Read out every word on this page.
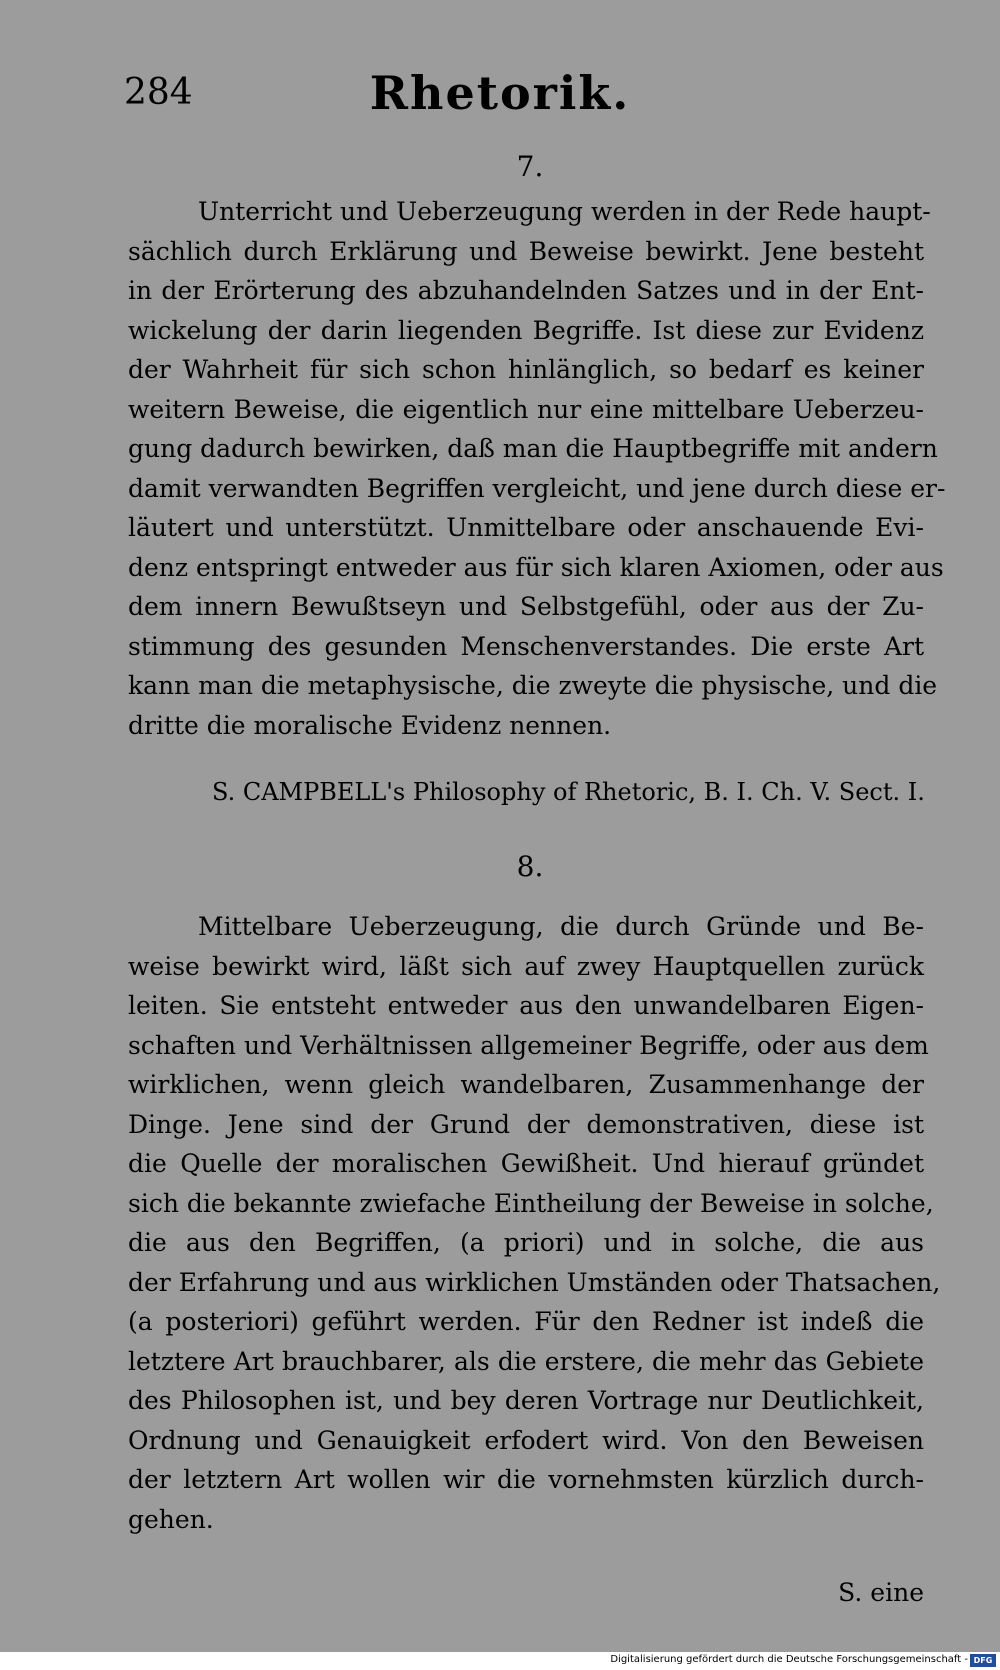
284	Rhetorik.
7.
Unterricht und Ueberzeugung werden in der Rede haupt-
sächlich durch Erklärung und Beweise bewirkt. Jene besteht
in der Erörterung des abzuhandelnden Satzes und in der Ent-
wickelung der darin liegenden Begriffe. Ist diese zur Evidenz
der Wahrheit für sich schon hinlänglich, so bedarf es keiner
weitern Beweise, die eigentlich nur eine mittelbare Ueberzeu-
gung dadurch bewirken, daß man die Hauptbegriffe mit andern
damit verwandten Begriffen vergleicht, und jene durch diese er-
läutert und unterstützt. Unmittelbare oder anschauende Evi-
denz entspringt entweder aus für sich klaren Axiomen, oder aus
dem innern Bewußtseyn und Selbstgefühl, oder aus der Zu-
stimmung des gesunden Menschenverstandes. Die erste Art
kann man die metaphysische, die zweyte die physische, und die
dritte die moralische Evidenz nennen.
S. CAMPBELL's Philosophy of Rhetoric, B. I. Ch. V. Sect. I.
8.
Mittelbare Ueberzeugung, die durch Gründe und Be-
weise bewirkt wird, läßt sich auf zwey Hauptquellen zurück
leiten. Sie entsteht entweder aus den unwandelbaren Eigen-
schaften und Verhältnissen allgemeiner Begriffe, oder aus dem
wirklichen, wenn gleich wandelbaren, Zusammenhange der
Dinge. Jene sind der Grund der demonstrativen, diese ist
die Quelle der moralischen Gewißheit. Und hierauf gründet
sich die bekannte zwiefache Eintheilung der Beweise in solche,
die aus den Begriffen, (a priori) und in solche, die aus
der Erfahrung und aus wirklichen Umständen oder Thatsachen,
(a posteriori) geführt werden. Für den Redner ist indeß die
letztere Art brauchbarer, als die erstere, die mehr das Gebiete
des Philosophen ist, und bey deren Vortrage nur Deutlichkeit,
Ordnung und Genauigkeit erfodert wird. Von den Beweisen
der letztern Art wollen wir die vornehmsten kürzlich durch-
gehen.
S. eine
Digitalisierung gefördert durch die Deutsche Forschungsgemeinschaft - DFG
